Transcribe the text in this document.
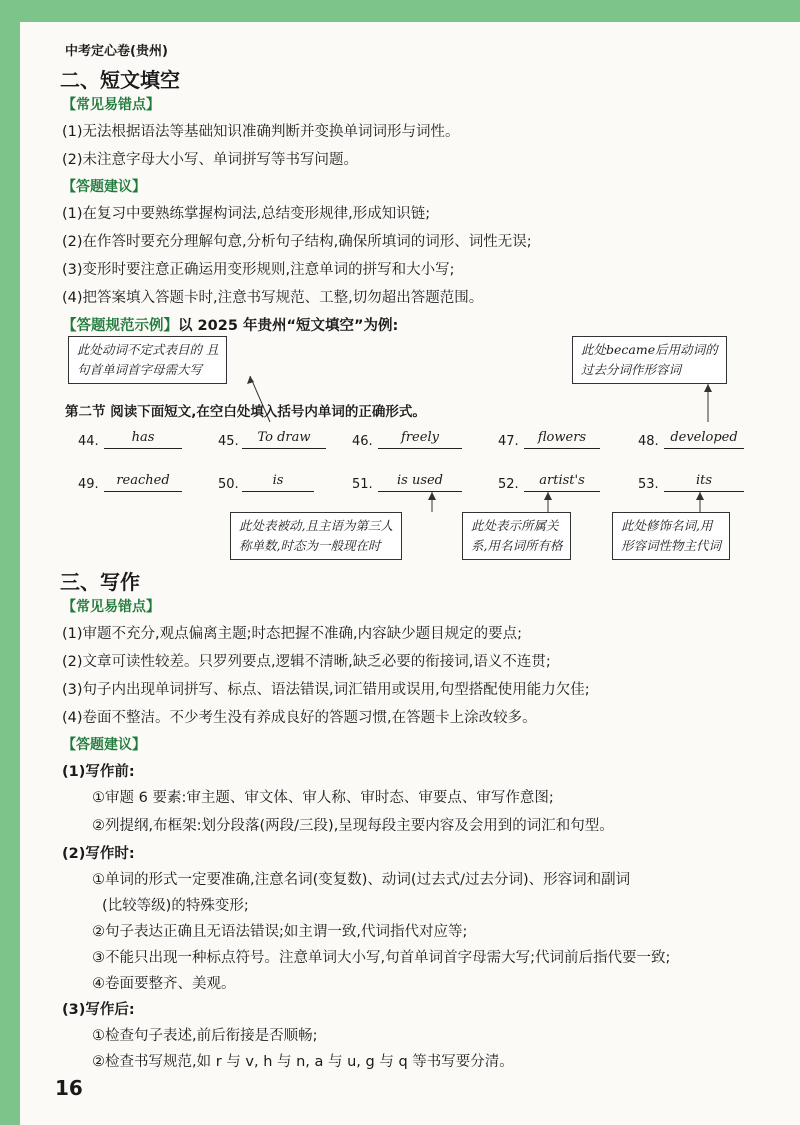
中考定心卷(贵州)
二、短文填空
【常见易错点】
(1)无法根据语法等基础知识准确判断并变换单词词形与词性。
(2)未注意字母大小写、单词拼写等书写问题。
【答题建议】
(1)在复习中要熟练掌握构词法,总结变形规律,形成知识链;
(2)在作答时要充分理解句意,分析句子结构,确保所填词的词形、词性无误;
(3)变形时要注意正确运用变形规则,注意单词的拼写和大小写;
(4)把答案填入答题卡时,注意书写规范、工整,切勿超出答题范围。
【答题规范示例】以 2025 年贵州“短文填空”为例:
此处动词不定式表目的 且
句首单词首字母需大写
此处became后用动词的
过去分词作形容词
第二节 阅读下面短文,在空白处填入括号内单词的正确形式。
44.	has	45.	To draw	46.	freely	47.	flowers	48. developed
49.	reached	50.	is	51.	is used	52.	artist's	53.	its
此处表被动,且主语为第三人
称单数,时态为一般现在时
此处表示所属关
系,用名词所有格
此处修饰名词,用
形容词性物主代词
三、写作
【常见易错点】
(1)审题不充分,观点偏离主题;时态把握不准确,内容缺少题目规定的要点;
(2)文章可读性较差。只罗列要点,逻辑不清晰,缺乏必要的衔接词,语义不连贯;
(3)句子内出现单词拼写、标点、语法错误,词汇错用或误用,句型搭配使用能力欠佳;
(4)卷面不整洁。不少考生没有养成良好的答题习惯,在答题卡上涂改较多。
【答题建议】
(1)写作前:
①审题 6 要素:审主题、审文体、审人称、审时态、审要点、审写作意图;
②列提纲,布框架:划分段落(两段/三段),呈现每段主要内容及会用到的词汇和句型。
(2)写作时:
①单词的形式一定要准确,注意名词(变复数)、动词(过去式/过去分词)、形容词和副词
(比较等级)的特殊变形;
②句子表达正确且无语法错误;如主谓一致,代词指代对应等;
③不能只出现一种标点符号。注意单词大小写,句首单词首字母需大写;代词前后指代要一致;
④卷面要整齐、美观。
(3)写作后:
①检查句子表述,前后衔接是否顺畅;
②检查书写规范,如 r 与 v, h 与 n, a 与 u, g 与 q 等书写要分清。
16
